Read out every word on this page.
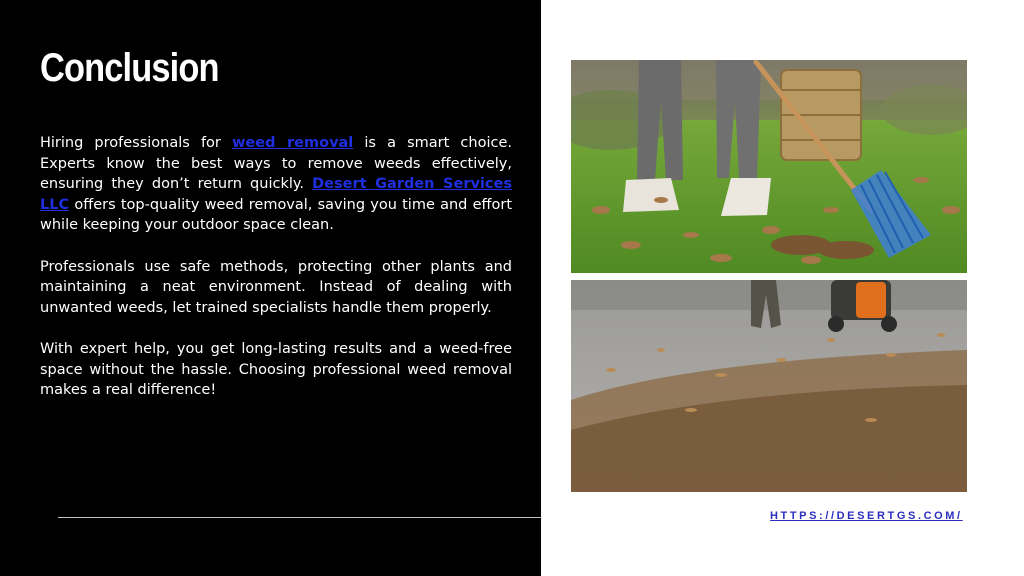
Conclusion

Hiring professionals for weed removal is a smart choice. Experts know the best ways to remove weeds effectively, ensuring they don’t return quickly. Desert Garden Services LLC offers top-quality weed removal, saving you time and effort while keeping your outdoor space clean.

Professionals use safe methods, protecting other plants and maintaining a neat environment. Instead of dealing with unwanted weeds, let trained specialists handle them properly.

With expert help, you get long-lasting results and a weed-free space without the hassle. Choosing professional weed removal makes a real difference!

HTTPS://DESERTGS.COM/
